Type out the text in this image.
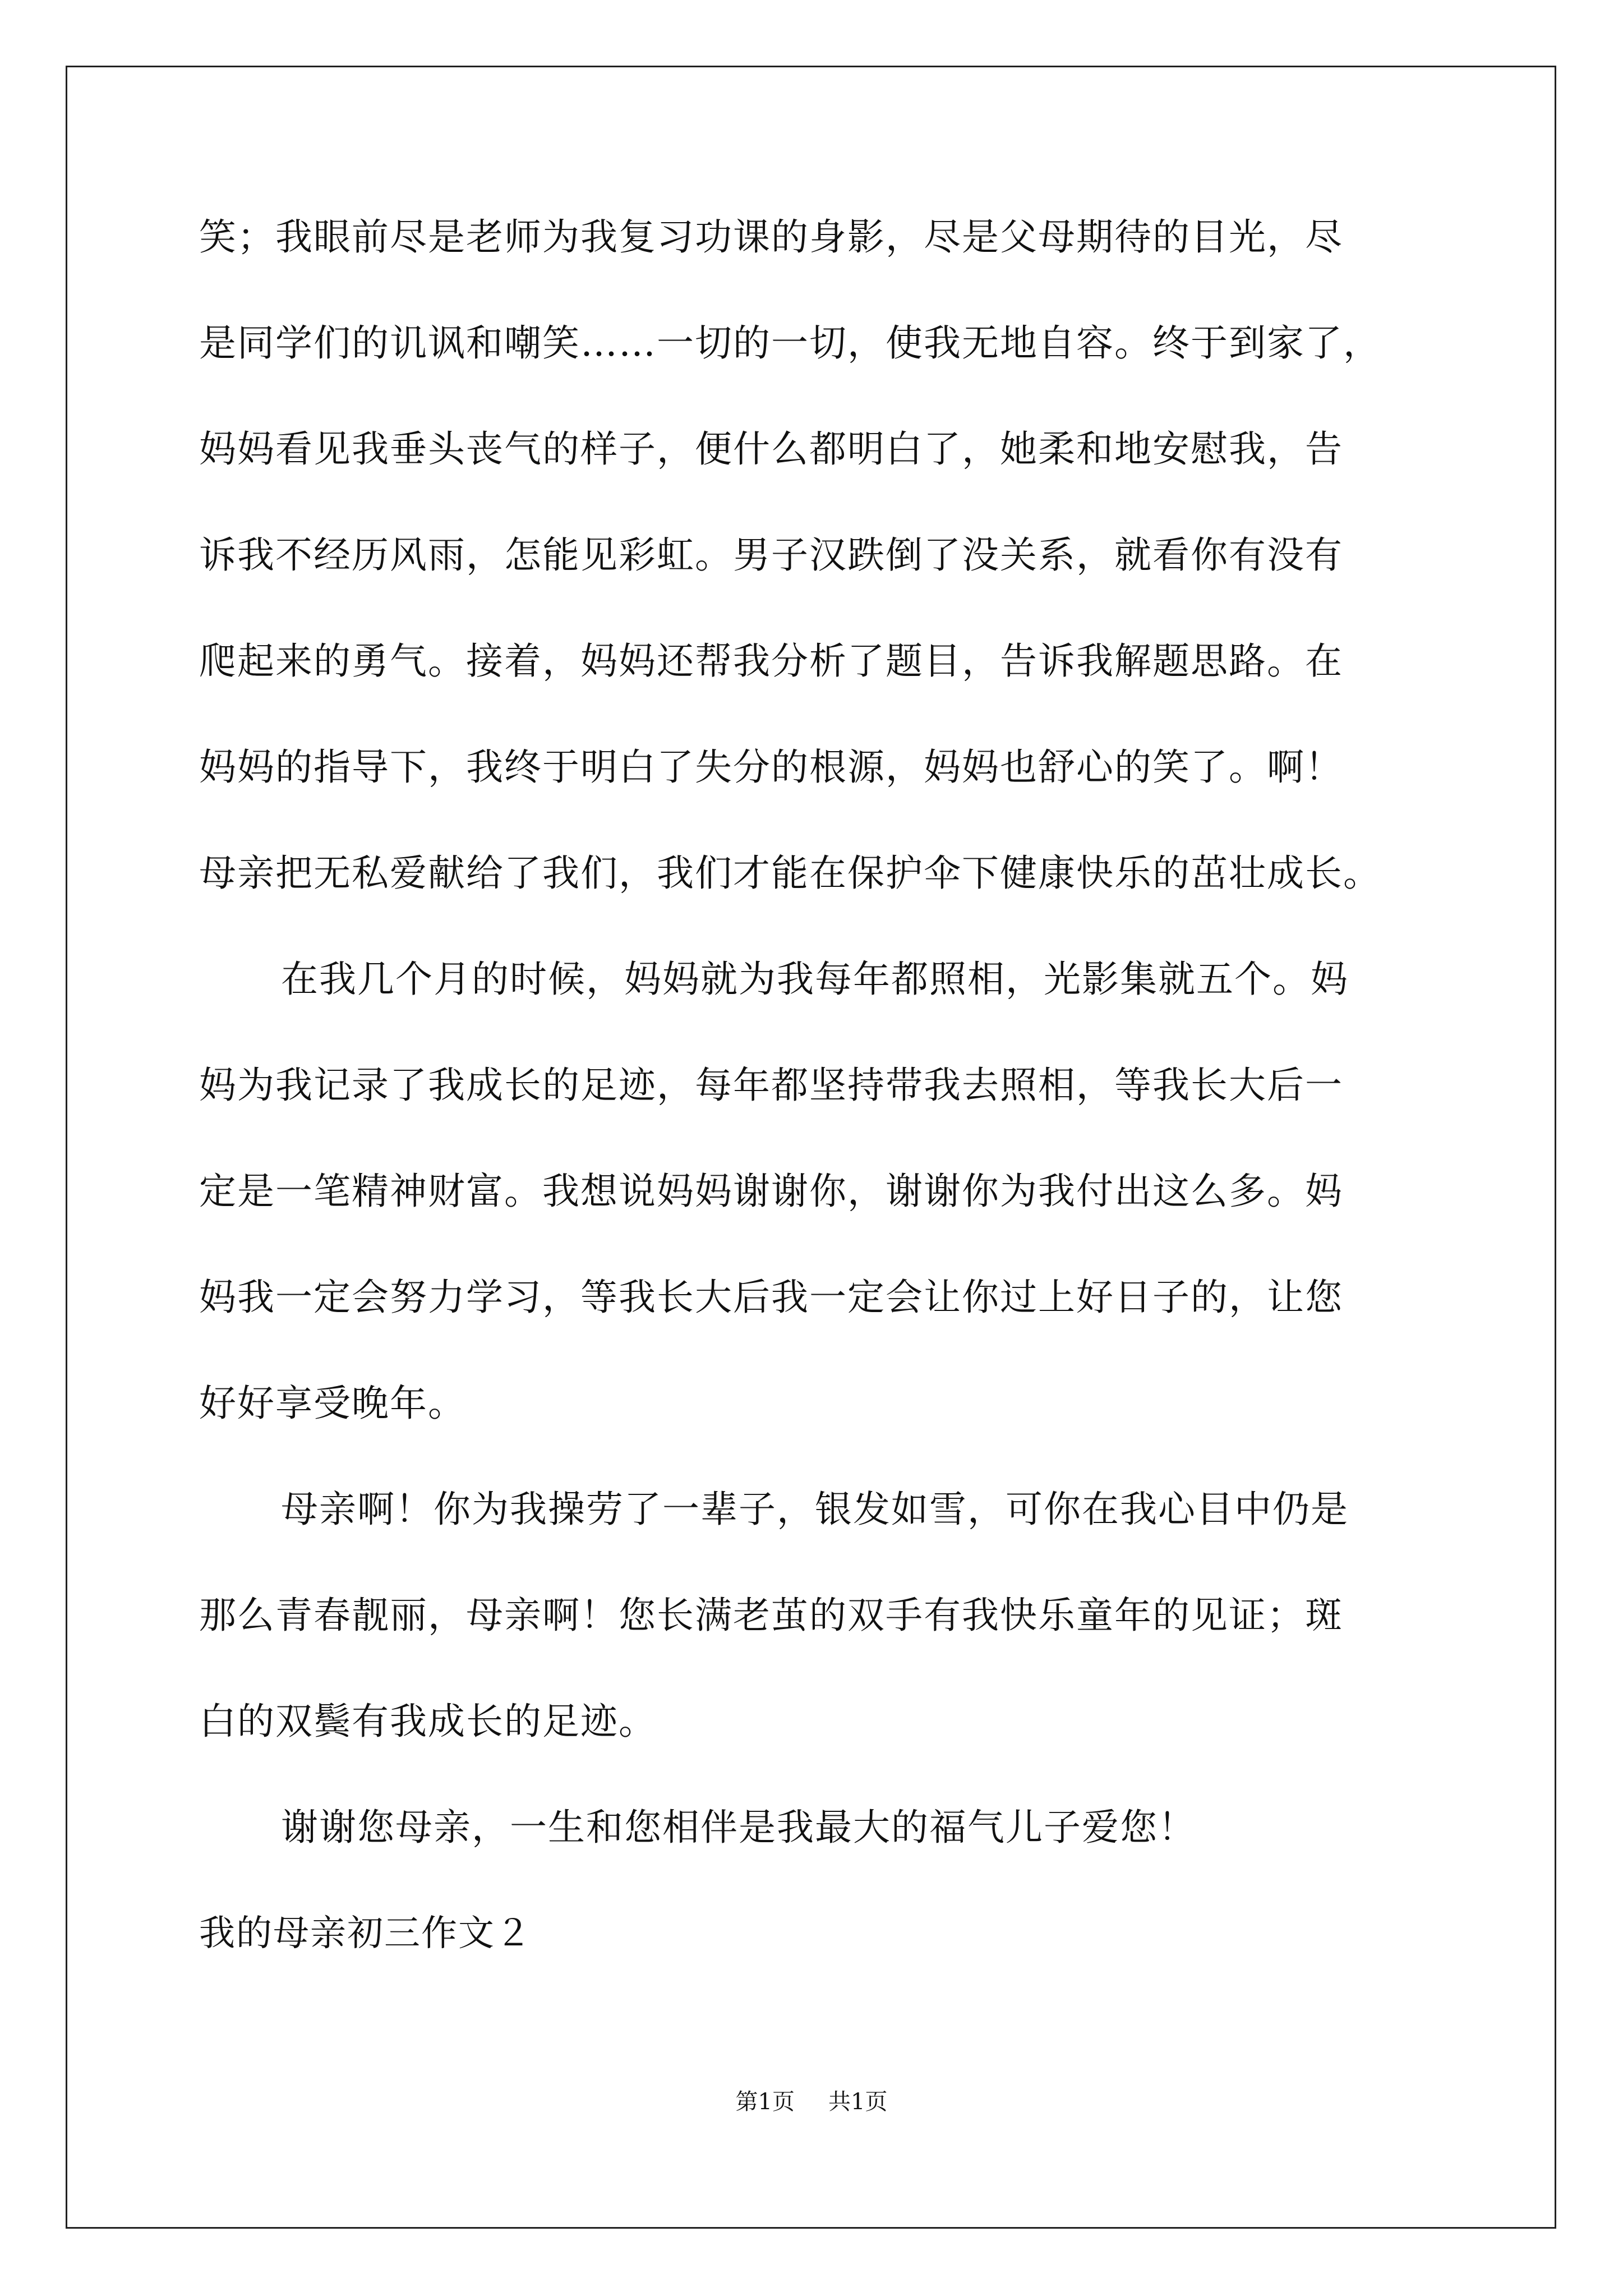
笑；我眼前尽是老师为我复习功课的身影，尽是父母期待的目光，尽
是同学们的讥讽和嘲笑……一切的一切，使我无地自容。终于到家了，
妈妈看见我垂头丧气的样子，便什么都明白了，她柔和地安慰我，告
诉我不经历风雨，怎能见彩虹。男子汉跌倒了没关系，就看你有没有
爬起来的勇气。接着，妈妈还帮我分析了题目，告诉我解题思路。在
妈妈的指导下，我终于明白了失分的根源，妈妈也舒心的笑了。啊！
母亲把无私爱献给了我们，我们才能在保护伞下健康快乐的茁壮成长。
在我几个月的时候，妈妈就为我每年都照相，光影集就五个。妈
妈为我记录了我成长的足迹，每年都坚持带我去照相，等我长大后一
定是一笔精神财富。我想说妈妈谢谢你，谢谢你为我付出这么多。妈
妈我一定会努力学习，等我长大后我一定会让你过上好日子的，让您
好好享受晚年。
母亲啊！你为我操劳了一辈子，银发如雪，可你在我心目中仍是
那么青春靓丽，母亲啊！您长满老茧的双手有我快乐童年的见证；斑
白的双鬓有我成长的足迹。
谢谢您母亲，一生和您相伴是我最大的福气儿子爱您！
我的母亲初三作文２
第1页 共1页
